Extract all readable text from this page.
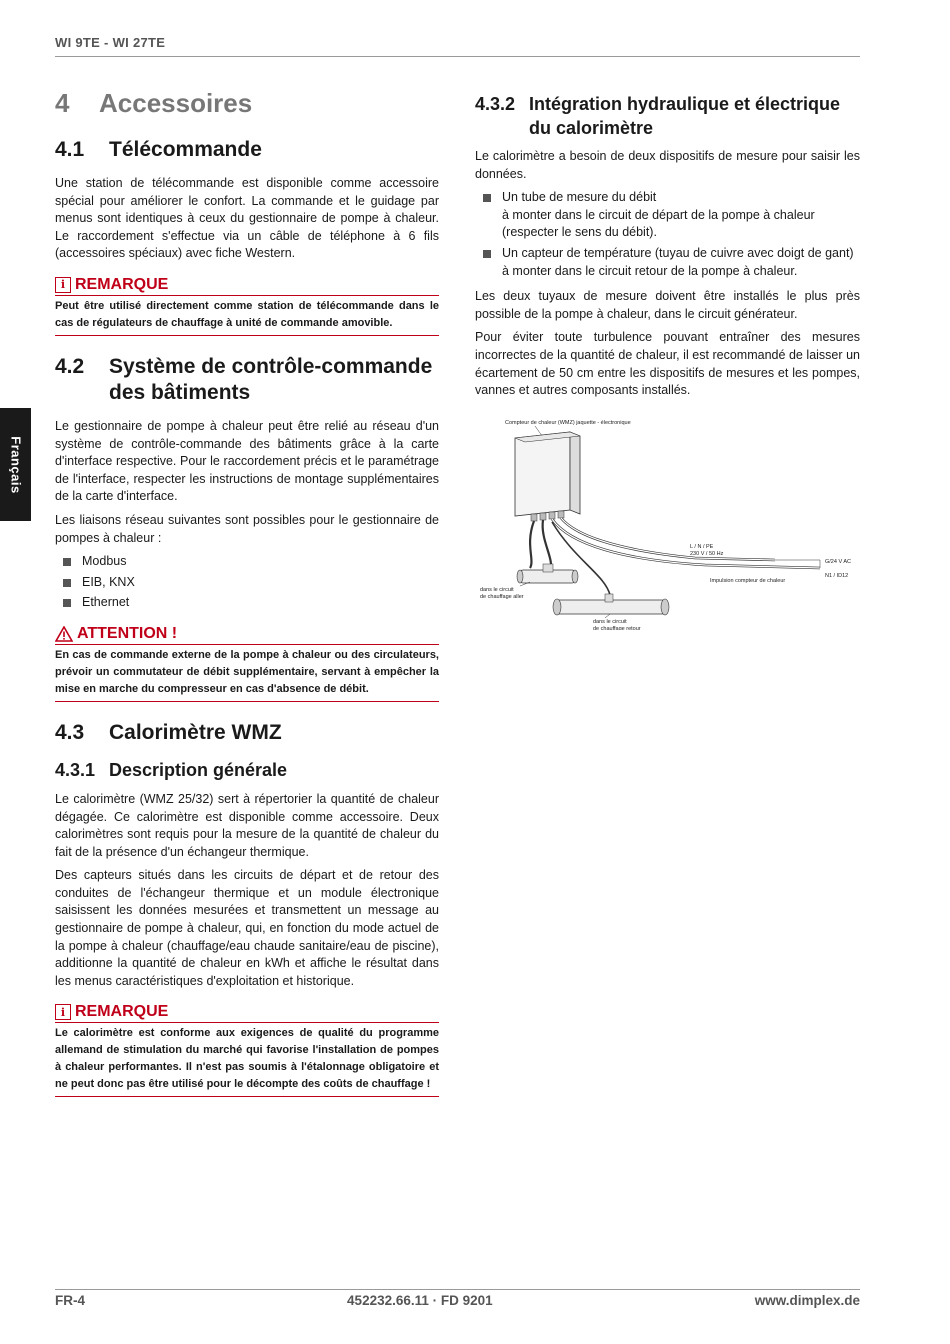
WI 9TE - WI 27TE
Français
4	Accessoires
4.1	Télécommande

Une station de télécommande est disponible comme accessoire spécial pour améliorer le confort. La commande et le guidage par menus sont identiques à ceux du gestionnaire de pompe à chaleur. Le raccordement s'effectue via un câble de téléphone à 6 fils (accessoires spéciaux) avec fiche Western.

i REMARQUE
Peut être utilisé directement comme station de télécommande dans le cas de régulateurs de chauffage à unité de commande amovible.
4.2	Système de contrôle-commande des bâtiments

Le gestionnaire de pompe à chaleur peut être relié au réseau d'un système de contrôle-commande des bâtiments grâce à la carte d'interface respective. Pour le raccordement précis et le paramétrage de l'interface, respecter les instructions de montage supplémentaires de la carte d'interface.

Les liaisons réseau suivantes sont possibles pour le gestionnaire de pompes à chaleur :

Modbus
EIB, KNX
Ethernet
ATTENTION !
En cas de commande externe de la pompe à chaleur ou des circulateurs, prévoir un commutateur de débit supplémentaire, servant à empêcher la mise en marche du compresseur en cas d'absence de débit.
4.3	Calorimètre WMZ
4.3.1 Description générale

Le calorimètre (WMZ 25/32) sert à répertorier la quantité de chaleur dégagée. Ce calorimètre est disponible comme accessoire. Deux calorimètres sont requis pour la mesure de la quantité de chaleur du fait de la présence d'un échangeur thermique.

Des capteurs situés dans les circuits de départ et de retour des conduites de l'échangeur thermique et un module électronique saisissent les données mesurées et transmettent un message au gestionnaire de pompe à chaleur, qui, en fonction du mode actuel de la pompe à chaleur (chauffage/eau chaude sanitaire/eau de piscine), additionne la quantité de chaleur en kWh et affiche le résultat dans les menus caractéristiques d'exploitation et historique.

i REMARQUE
Le calorimètre est conforme aux exigences de qualité du programme allemand de stimulation du marché qui favorise l'installation de pompes à chaleur performantes. Il n'est pas soumis à l'étalonnage obligatoire et ne peut donc pas être utilisé pour le décompte des coûts de chauffage !
4.3.2 Intégration hydraulique et électrique du calorimètre

Le calorimètre a besoin de deux dispositifs de mesure pour saisir les données.

Un tube de mesure du débit
à monter dans le circuit de départ de la pompe à chaleur (respecter le sens du débit).
Un capteur de température (tuyau de cuivre avec doigt de gant)
à monter dans le circuit retour de la pompe à chaleur.

Les deux tuyaux de mesure doivent être installés le plus près possible de la pompe à chaleur, dans le circuit générateur.

Pour éviter toute turbulence pouvant entraîner des mesures incorrectes de la quantité de chaleur, il est recommandé de laisser un écartement de 50 cm entre les dispositifs de mesures et les pompes, vannes et autres composants installés.

Compteur de chaleur (WMZ) jaquette - électronique
L / N / PE
230 V / 50 Hz
G/24 V AC
N1 / ID12
Impulsion compteur de chaleur
dans le circuit
de chauffage aller
dans le circuit
de chauffage retour
FR-4	452232.66.11 · FD 9201	www.dimplex.de
